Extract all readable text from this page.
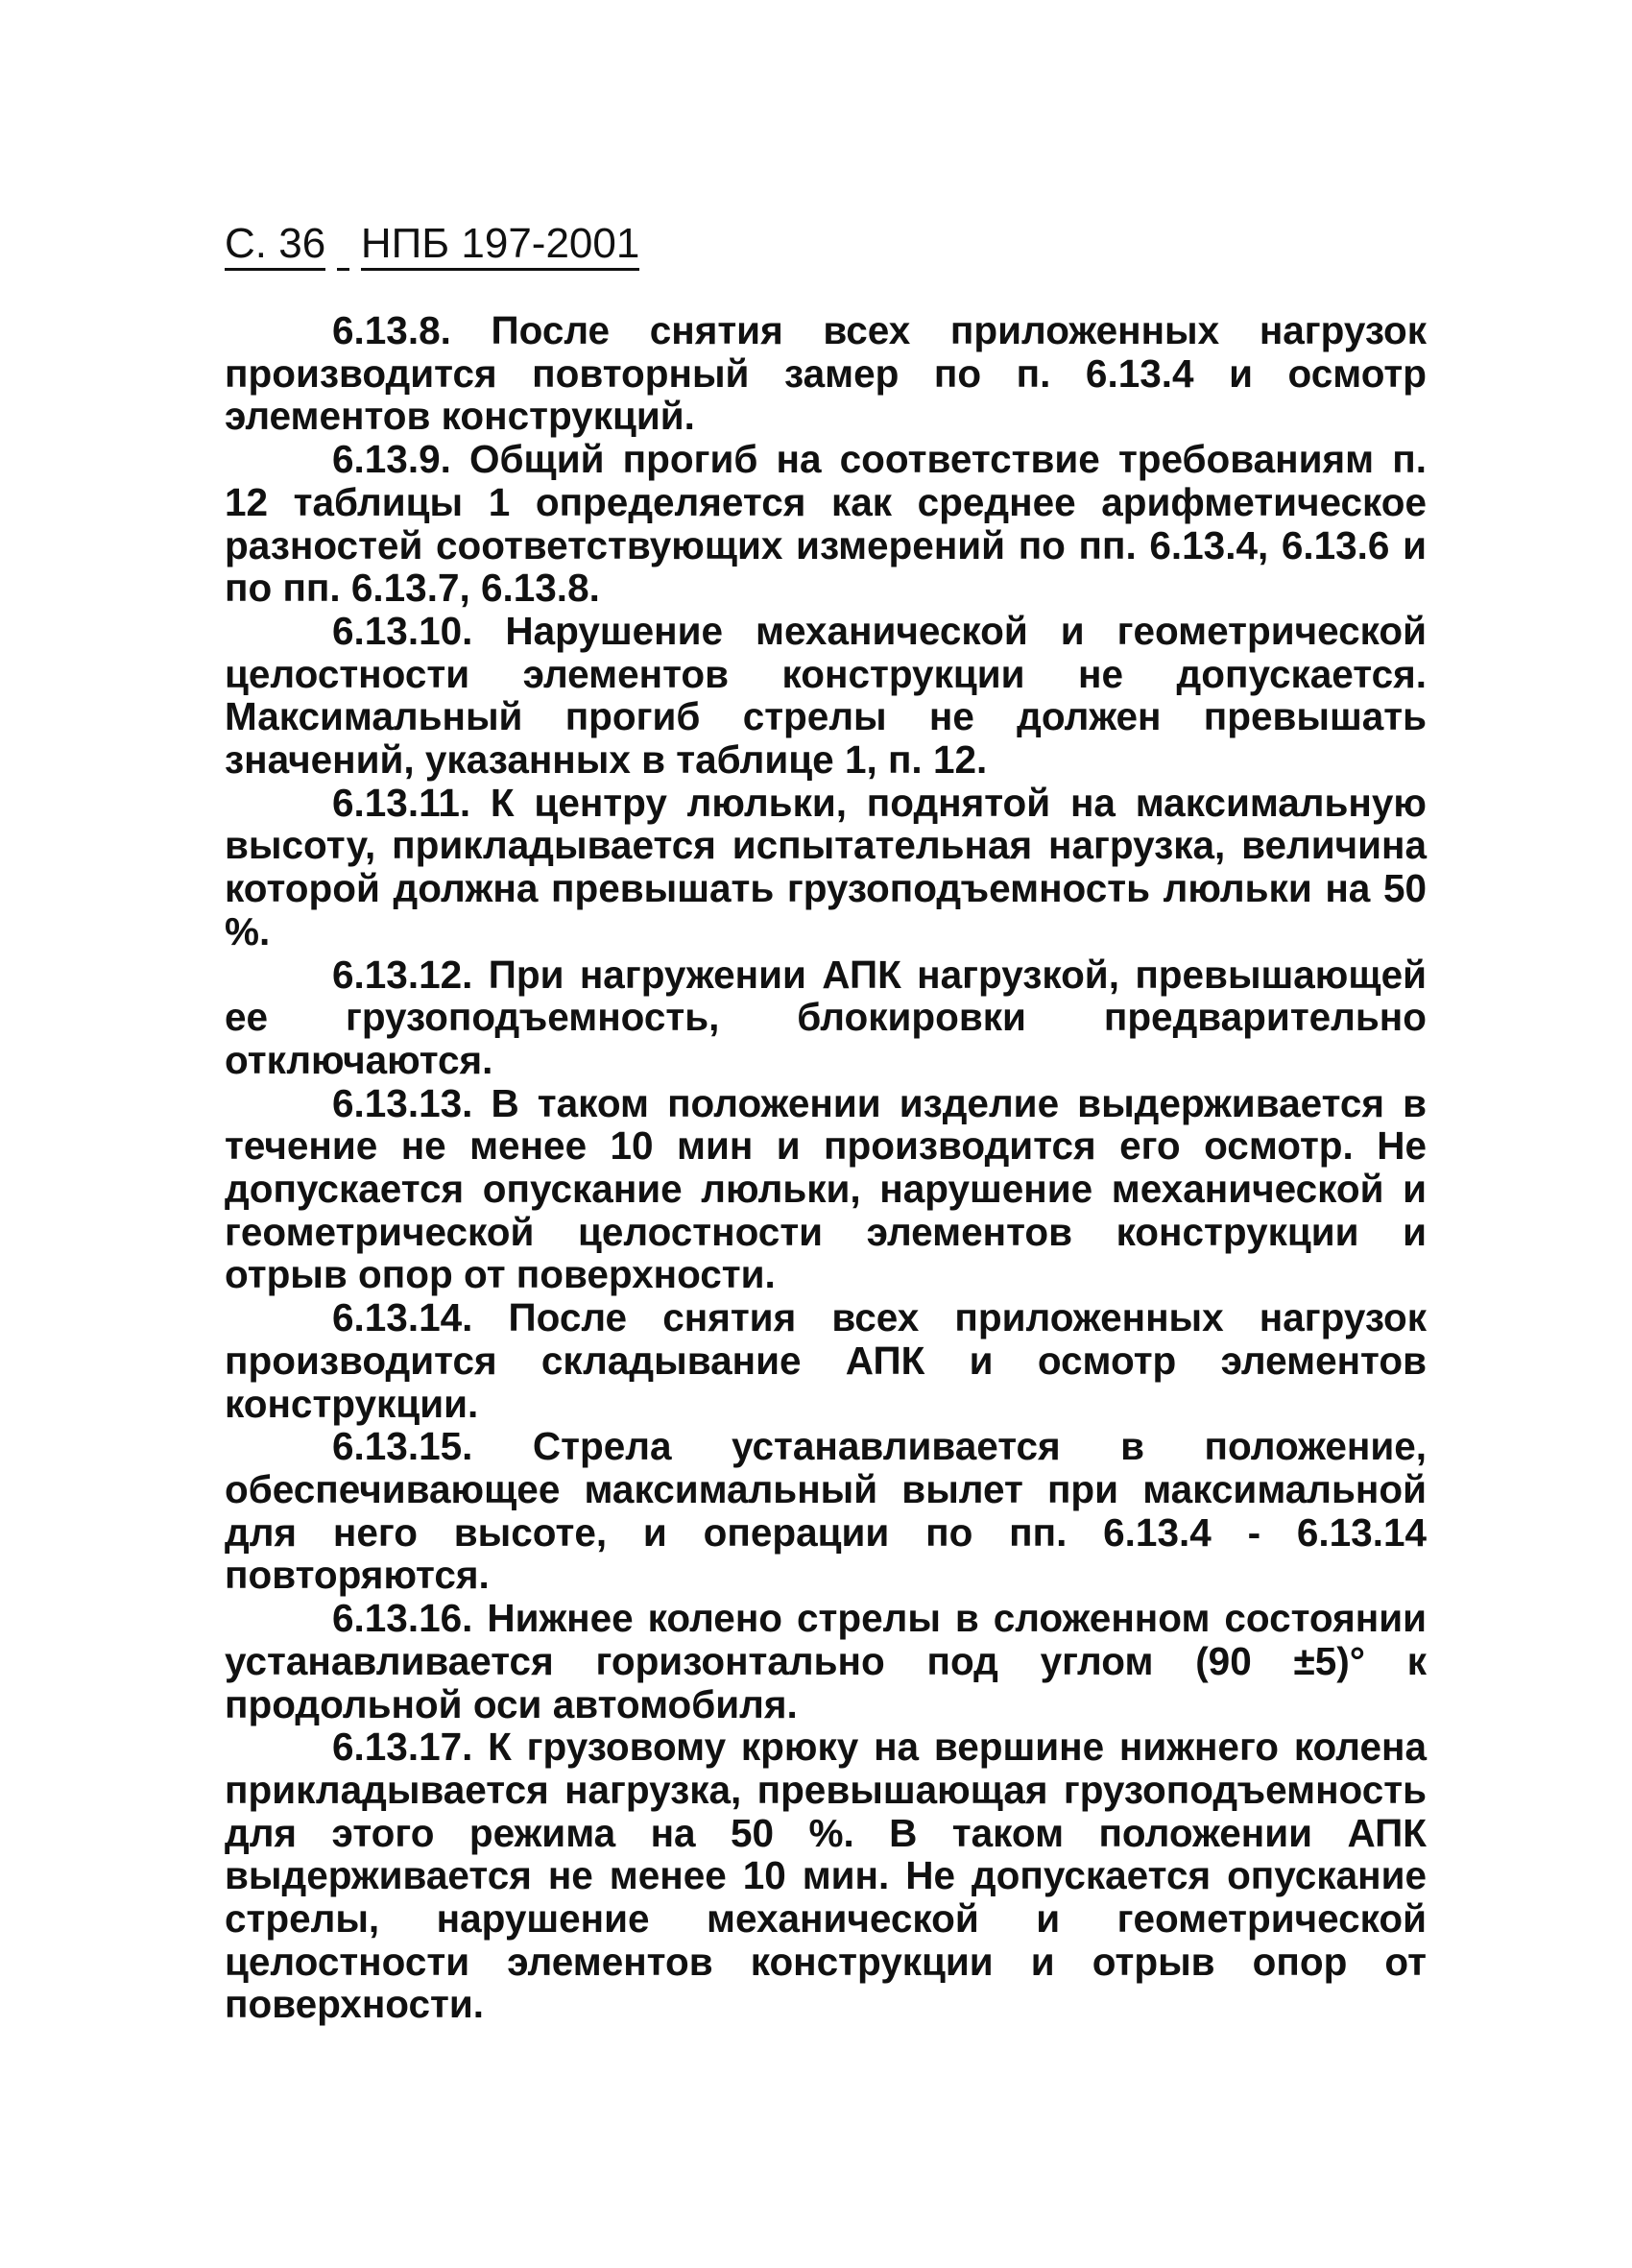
С. 36 НПБ 197-2001

6.13.8. После снятия всех приложенных нагрузок производится повторный замер по п. 6.13.4 и осмотр элементов конструкций.

6.13.9. Общий прогиб на соответствие требованиям п. 12 таблицы 1 определяется как среднее арифметическое разностей соответствующих измерений по пп. 6.13.4, 6.13.6 и по пп. 6.13.7, 6.13.8.

6.13.10. Нарушение механической и геометрической целостности элементов конструкции не допускается. Максимальный прогиб стрелы не должен превышать значений, указанных в таблице 1, п. 12.

6.13.11. К центру люльки, поднятой на максимальную высоту, прикладывается испытательная нагрузка, величина которой должна превышать грузоподъемность люльки на 50 %.

6.13.12. При нагружении АПК нагрузкой, превышающей ее грузоподъемность, блокировки предварительно отключаются.

6.13.13. В таком положении изделие выдерживается в течение не менее 10 мин и производится его осмотр. Не допускается опускание люльки, нарушение механической и геометрической целостности элементов конструкции и отрыв опор от поверхности.

6.13.14. После снятия всех приложенных нагрузок производится складывание АПК и осмотр элементов конструкции.

6.13.15. Стрела устанавливается в положение, обеспечивающее максимальный вылет при максимальной для него высоте, и операции по пп. 6.13.4 - 6.13.14 повторяются.

6.13.16. Нижнее колено стрелы в сложенном состоянии устанавливается горизонтально под углом (90 ±5)° к продольной оси автомобиля.

6.13.17. К грузовому крюку на вершине нижнего колена прикладывается нагрузка, превышающая грузоподъемность для этого режима на 50 %. В таком положении АПК выдерживается не менее 10 мин. Не допускается опускание стрелы, нарушение механической и геометрической целостности элементов конструкции и отрыв опор от поверхности.
